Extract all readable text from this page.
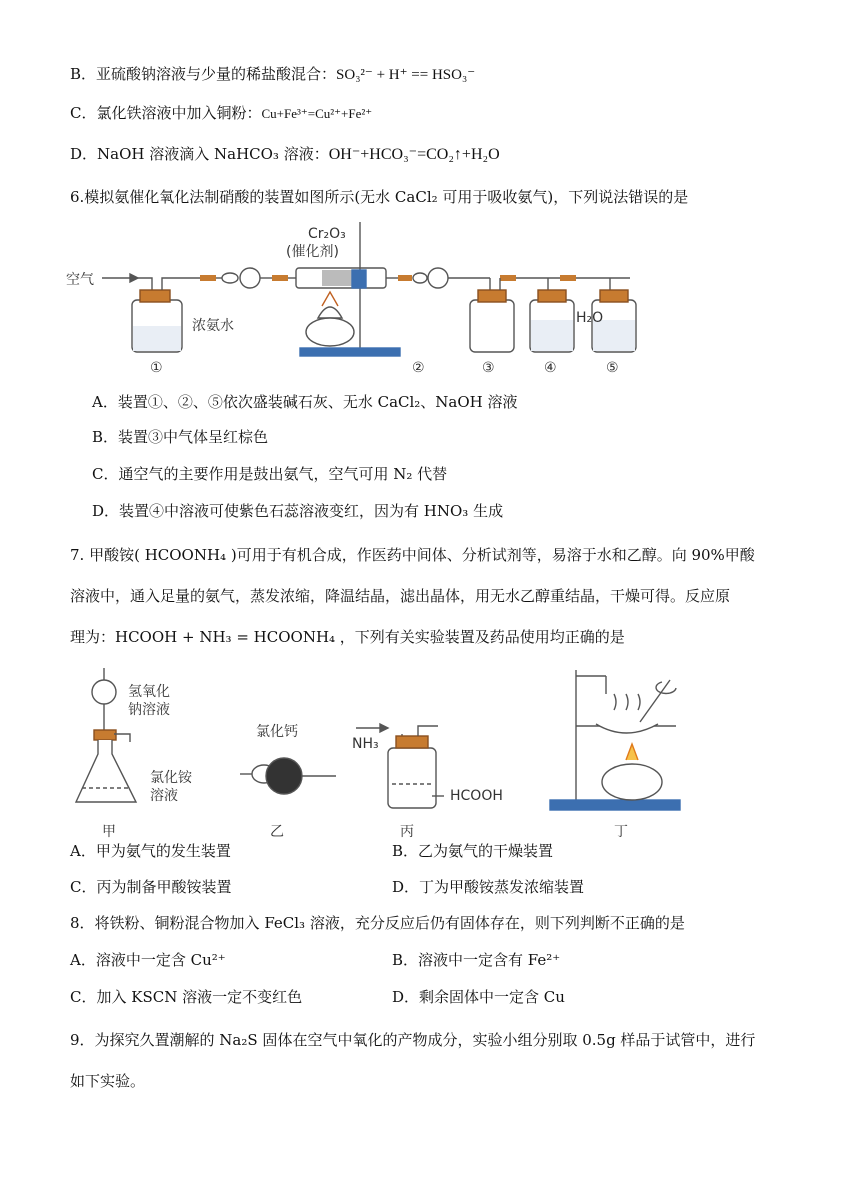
B．亚硫酸钠溶液与少量的稀盐酸混合：SO₃²⁻ + H⁺ == HSO₃⁻
C．氯化铁溶液中加入铜粉：Cu+Fe³⁺=Cu²⁺+Fe²⁺
D．NaOH 溶液滴入 NaHCO₃ 溶液：OH⁻+HCO₃⁻=CO₂↑+H₂O
6.模拟氨催化氧化法制硝酸的装置如图所示(无水 CaCl₂ 可用于吸收氨气)，下列说法错误的是
空气
Cr₂O₃
(催化剂)
浓氨水	H₂O
①	②	③	④	⑤
A．装置①、②、⑤依次盛装碱石灰、无水 CaCl₂、NaOH 溶液
B．装置③中气体呈红棕色
C．通空气的主要作用是鼓出氨气，空气可用 N₂ 代替
D．装置④中溶液可使紫色石蕊溶液变红，因为有 HNO₃ 生成
7. 甲酸铵( HCOONH₄ )可用于有机合成，作医药中间体、分析试剂等，易溶于水和乙醇。向 90%甲酸
溶液中，通入足量的氨气，蒸发浓缩，降温结晶，滤出晶体，用无水乙醇重结晶，干燥可得。反应原
理为：HCOOH + NH₃ = HCOONH₄ ，下列有关实验装置及药品使用均正确的是
氢氧化
钠溶液
氯化铵
溶液
氯化钙
NH₃
HCOOH
甲	乙	丙	丁
A．甲为氨气的发生装置	B．乙为氨气的干燥装置
C．丙为制备甲酸铵装置	D．丁为甲酸铵蒸发浓缩装置
8．将铁粉、铜粉混合物加入 FeCl₃ 溶液，充分反应后仍有固体存在，则下列判断不正确的是
A．溶液中一定含 Cu²⁺	B．溶液中一定含有 Fe²⁺
C．加入 KSCN 溶液一定不变红色	D．剩余固体中一定含 Cu
9．为探究久置潮解的 Na₂S 固体在空气中氧化的产物成分，实验小组分别取 0.5g 样品于试管中，进行
如下实验。
